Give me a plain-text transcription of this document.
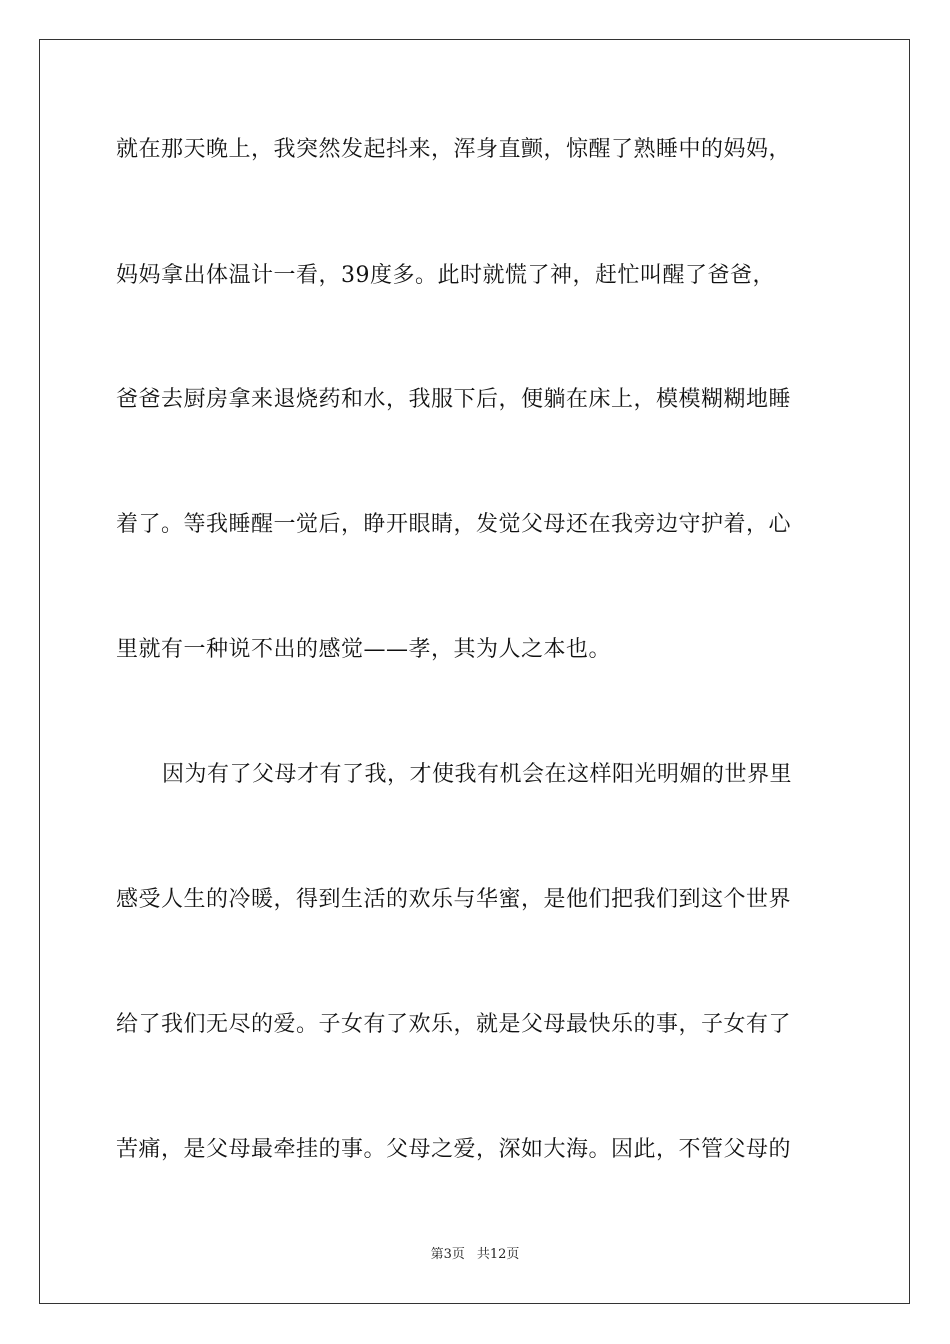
就在那天晚上，我突然发起抖来，浑身直颤，惊醒了熟睡中的妈妈，
妈妈拿出体温计一看，39度多。此时就慌了神，赶忙叫醒了爸爸，
爸爸去厨房拿来退烧药和水，我服下后，便躺在床上，模模糊糊地睡
着了。等我睡醒一觉后，睁开眼睛，发觉父母还在我旁边守护着，心
里就有一种说不出的感觉——孝，其为人之本也。
因为有了父母才有了我，才使我有机会在这样阳光明媚的世界里
感受人生的冷暖，得到生活的欢乐与华蜜，是他们把我们到这个世界
给了我们无尽的爱。子女有了欢乐，就是父母最快乐的事，子女有了
苦痛，是父母最牵挂的事。父母之爱，深如大海。因此，不管父母的
第3页 共12页
